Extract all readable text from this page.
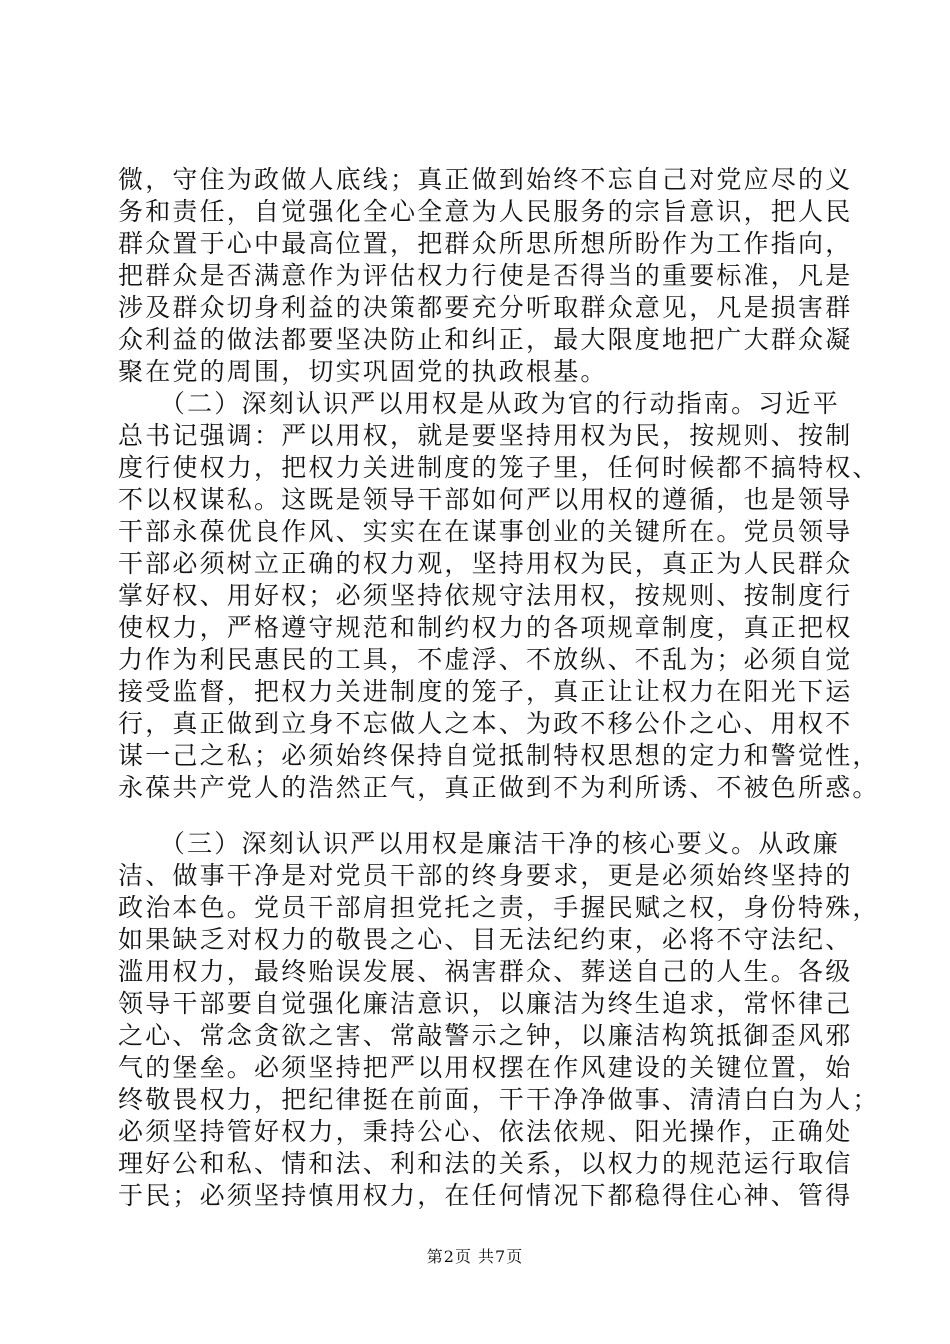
微，守住为政做人底线；真正做到始终不忘自己对党应尽的义
务和责任，自觉强化全心全意为人民服务的宗旨意识，把人民
群众置于心中最高位置，把群众所思所想所盼作为工作指向，
把群众是否满意作为评估权力行使是否得当的重要标准，凡是
涉及群众切身利益的决策都要充分听取群众意见，凡是损害群
众利益的做法都要坚决防止和纠正，最大限度地把广大群众凝
聚在党的周围，切实巩固党的执政根基。
　　（二）深刻认识严以用权是从政为官的行动指南。习近平
总书记强调：严以用权，就是要坚持用权为民，按规则、按制
度行使权力，把权力关进制度的笼子里，任何时候都不搞特权、
不以权谋私。这既是领导干部如何严以用权的遵循，也是领导
干部永葆优良作风、实实在在谋事创业的关键所在。党员领导
干部必须树立正确的权力观，坚持用权为民，真正为人民群众
掌好权、用好权；必须坚持依规守法用权，按规则、按制度行
使权力，严格遵守规范和制约权力的各项规章制度，真正把权
力作为利民惠民的工具，不虚浮、不放纵、不乱为；必须自觉
接受监督，把权力关进制度的笼子，真正让让权力在阳光下运
行，真正做到立身不忘做人之本、为政不移公仆之心、用权不
谋一己之私；必须始终保持自觉抵制特权思想的定力和警觉性，
永葆共产党人的浩然正气，真正做到不为利所诱、不被色所惑。
　　（三）深刻认识严以用权是廉洁干净的核心要义。从政廉
洁、做事干净是对党员干部的终身要求，更是必须始终坚持的
政治本色。党员干部肩担党托之责，手握民赋之权，身份特殊，
如果缺乏对权力的敬畏之心、目无法纪约束，必将不守法纪、
滥用权力，最终贻误发展、祸害群众、葬送自己的人生。各级
领导干部要自觉强化廉洁意识，以廉洁为终生追求，常怀律己
之心、常念贪欲之害、常敲警示之钟，以廉洁构筑抵御歪风邪
气的堡垒。必须坚持把严以用权摆在作风建设的关键位置，始
终敬畏权力，把纪律挺在前面，干干净净做事、清清白白为人；
必须坚持管好权力，秉持公心、依法依规、阳光操作，正确处
理好公和私、情和法、利和法的关系，以权力的规范运行取信
于民；必须坚持慎用权力，在任何情况下都稳得住心神、管得
第2页 共7页
